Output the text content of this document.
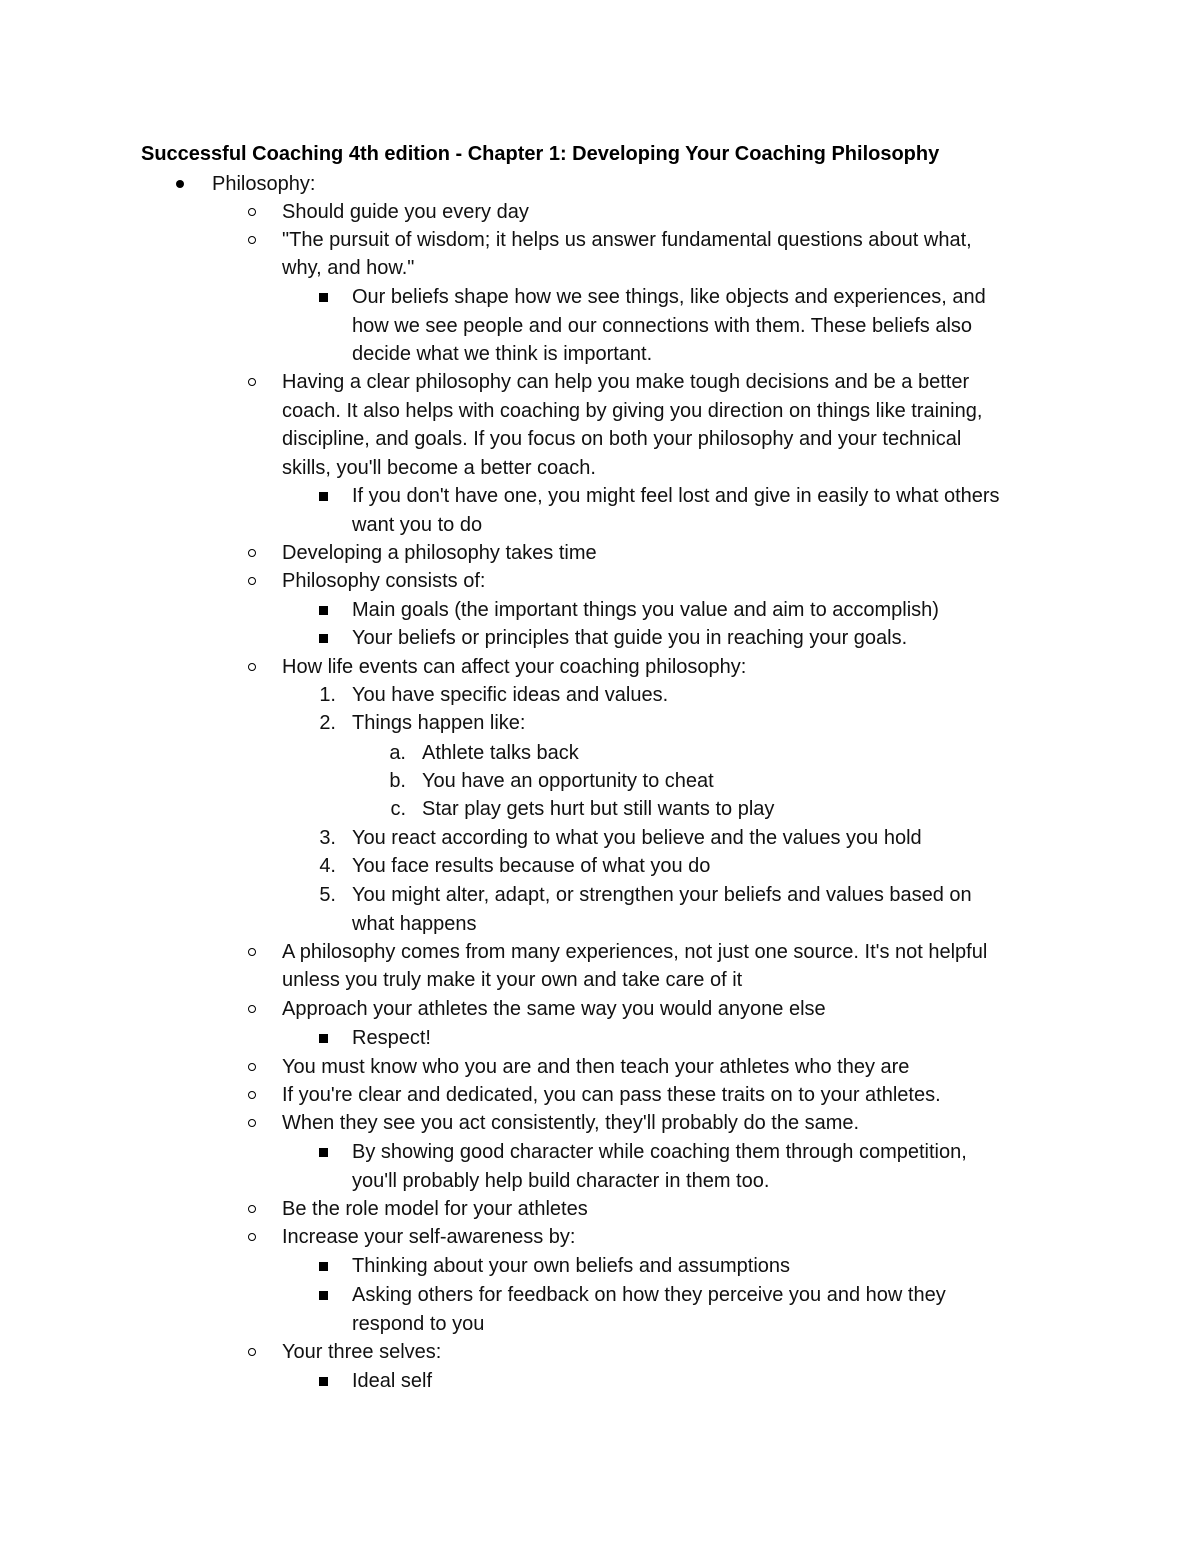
Successful Coaching 4th edition - Chapter 1: Developing Your Coaching Philosophy
Philosophy:
Should guide you every day
"The pursuit of wisdom; it helps us answer fundamental questions about what,
why, and how."
Our beliefs shape how we see things, like objects and experiences, and
how we see people and our connections with them. These beliefs also
decide what we think is important.
Having a clear philosophy can help you make tough decisions and be a better
coach. It also helps with coaching by giving you direction on things like training,
discipline, and goals. If you focus on both your philosophy and your technical
skills, you'll become a better coach.
If you don't have one, you might feel lost and give in easily to what others
want you to do
Developing a philosophy takes time
Philosophy consists of:
Main goals (the important things you value and aim to accomplish)
Your beliefs or principles that guide you in reaching your goals.
How life events can affect your coaching philosophy:
1. You have specific ideas and values.
2. Things happen like:
a. Athlete talks back
b. You have an opportunity to cheat
c. Star play gets hurt but still wants to play
3. You react according to what you believe and the values you hold
4. You face results because of what you do
5. You might alter, adapt, or strengthen your beliefs and values based on
what happens
A philosophy comes from many experiences, not just one source. It's not helpful
unless you truly make it your own and take care of it
Approach your athletes the same way you would anyone else
Respect!
You must know who you are and then teach your athletes who they are
If you're clear and dedicated, you can pass these traits on to your athletes.
When they see you act consistently, they'll probably do the same.
By showing good character while coaching them through competition,
you'll probably help build character in them too.
Be the role model for your athletes
Increase your self-awareness by:
Thinking about your own beliefs and assumptions
Asking others for feedback on how they perceive you and how they
respond to you
Your three selves:
Ideal self
